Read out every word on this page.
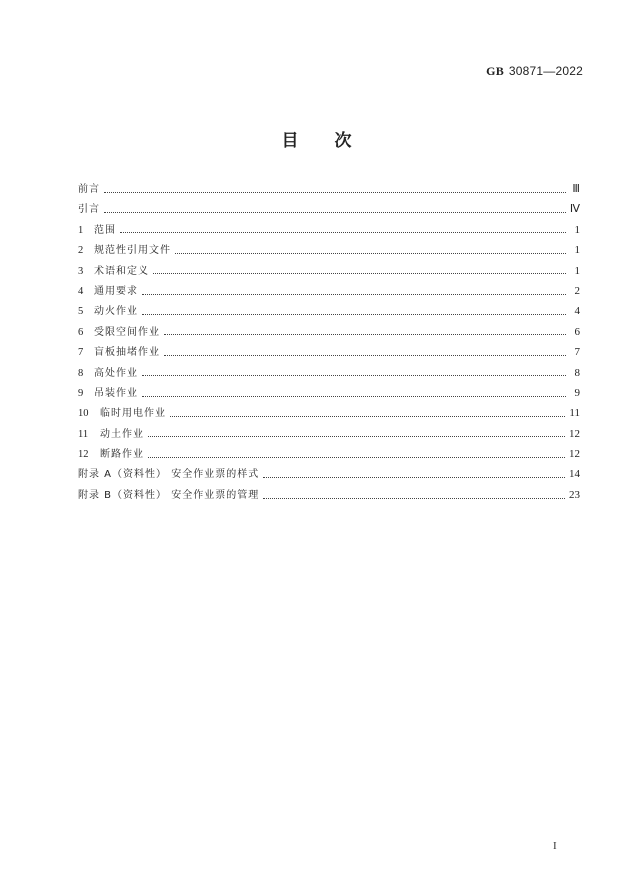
GB 30871—2022
目 次
前言	Ⅲ
引言	Ⅳ
1	范围	1
2	规范性引用文件	1
3	术语和定义	1
4	通用要求	2
5	动火作业	4
6	受限空间作业	6
7	盲板抽堵作业	7
8	高处作业	8
9	吊装作业	9
10	临时用电作业	11
11	动土作业	12
12	断路作业	12
附录 A（资料性） 安全作业票的样式	14
附录 B（资料性） 安全作业票的管理	23
I
